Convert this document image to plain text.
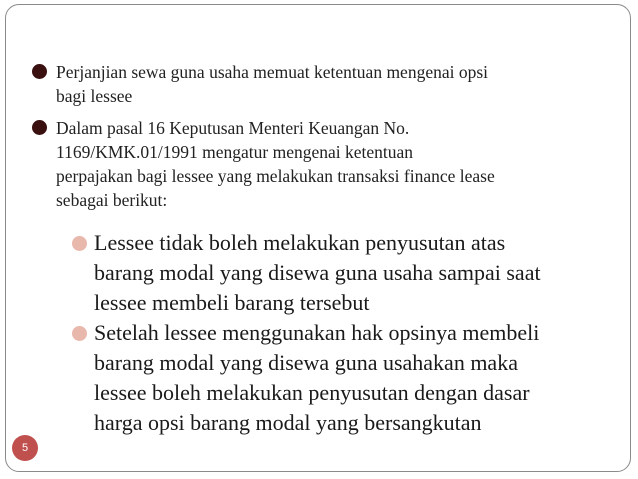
Perjanjian sewa guna usaha memuat ketentuan mengenai opsi
bagi lessee
Dalam pasal 16 Keputusan Menteri Keuangan No.
1169/KMK.01/1991 mengatur mengenai ketentuan
perpajakan bagi lessee yang melakukan transaksi finance lease
sebagai berikut:
Lessee tidak boleh melakukan penyusutan atas
barang modal yang disewa guna usaha sampai saat
lessee membeli barang tersebut
Setelah lessee menggunakan hak opsinya membeli
barang modal yang disewa guna usahakan maka
lessee boleh melakukan penyusutan dengan dasar
harga opsi barang modal yang bersangkutan
5
